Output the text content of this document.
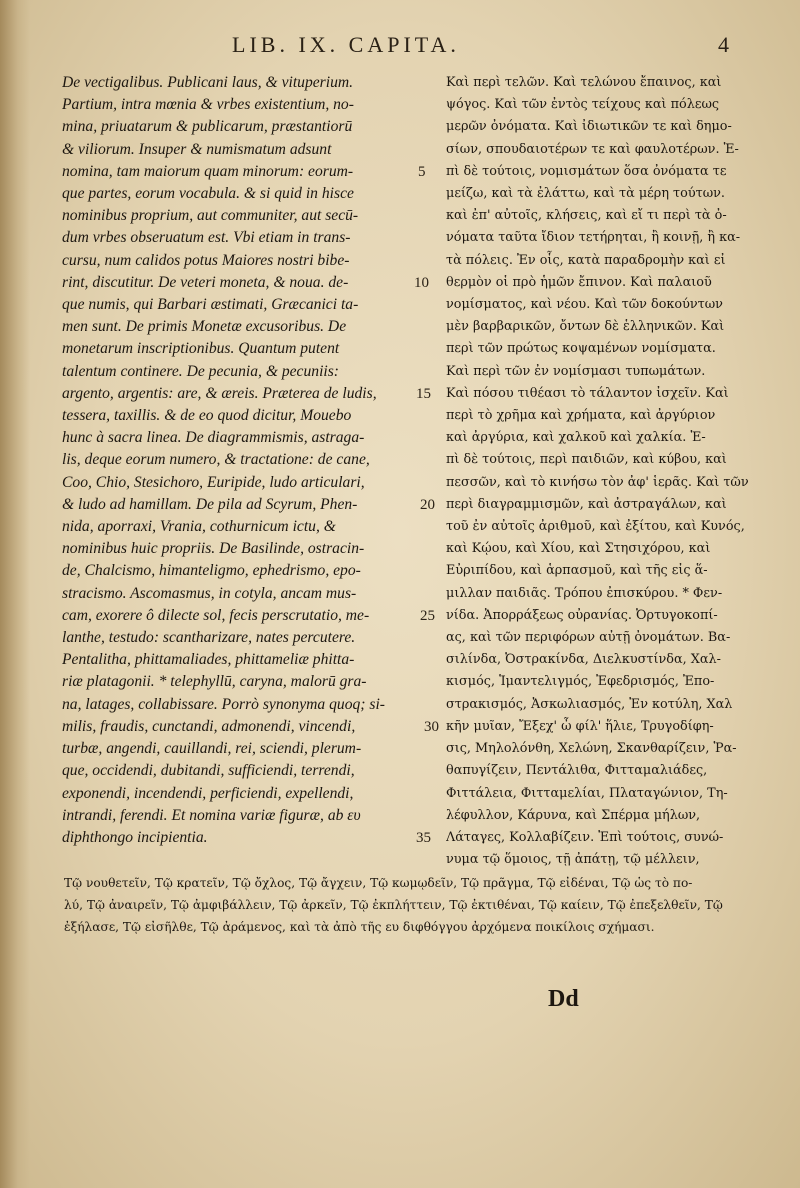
LIB. IX. CAPITA.	4
De vectigalibus. Publicani laus, & vituperium.
Partium, intra mœnia & vrbes existentium, no-
mina, priuatarum & publicarum, præstantiorū
& viliorum. Insuper & numismatum adsunt
nomina, tam maiorum quam minorum: eorum-
que partes, eorum vocabula. & si quid in hisce
nominibus proprium, aut communiter, aut secū-
dum vrbes obseruatum est. Vbi etiam in trans-
cursu, num calidos potus Maiores nostri bibe-
rint, discutitur. De veteri moneta, & noua. de-
que numis, qui Barbari æstimati, Græcanici ta-
men sunt. De primis Monetæ excusoribus. De
monetarum inscriptionibus. Quantum putent
talentum continere. De pecunia, & pecuniis:
argento, argentis: are, & æreis. Præterea de ludis,
tessera, taxillis. & de eo quod dicitur, Mouebo
hunc à sacra linea. De diagrammismis, astraga-
lis, deque eorum numero, & tractatione: de cane,
Coo, Chio, Stesichoro, Euripide, ludo articulari,
& ludo ad hamillam. De pila ad Scyrum, Phen-
nida, aporraxi, Vrania, cothurnicum ictu, &
nominibus huic propriis. De Basilinde, ostracin-
de, Chalcismo, himanteligmo, ephedrismo, epo-
stracismo. Ascomasmus, in cotyla, ancam mus-
cam, exorere ô dilecte sol, fecis perscrutatio, me-
lanthe, testudo: scantharizare, nates percutere.
Pentalitha, phittamaliades, phittameliæ phitta-
riæ platagonii. * telephyllū, caryna, malorū gra-
na, latages, collabissare. Porrò synonyma quoq; si-
milis, fraudis, cunctandi, admonendi, vincendi,
turbæ, angendi, cauillandi, rei, sciendi, plerum-
que, occidendi, dubitandi, sufficiendi, terrendi,
exponendi, incendendi, perficiendi, expellendi,
intrandi, ferendi. Et nomina variæ figuræ, ab ευ
diphthongo incipientia.
Καὶ περὶ τελῶν. Καὶ τελώνου ἔπαινος, καὶ
ψόγος. Καὶ τῶν ἐντὸς τείχους καὶ πόλεως
μερῶν ὀνόματα. Καὶ ἰδιωτικῶν τε καὶ δημο-
σίων, σπουδαιοτέρων τε καὶ φαυλοτέρων. Ἐ-
πὶ δὲ τούτοις, νομισμάτων ὅσα ὀνόματα τε
μείζω, καὶ τὰ ἐλάττω, καὶ τὰ μέρη τούτων.
καὶ ἐπ' αὐτοῖς, κλήσεις, καὶ εἴ τι περὶ τὰ ὀ-
νόματα ταῦτα ἴδιον τετήρηται, ἢ κοινῇ, ἢ κα-
τὰ πόλεις. Ἐν οἷς, κατὰ παραδρομὴν καὶ εἰ
θερμὸν οἱ πρὸ ἡμῶν ἔπινον. Καὶ παλαιοῦ
νομίσματος, καὶ νέου. Καὶ τῶν δοκούντων
μὲν βαρβαρικῶν, ὄντων δὲ ἑλληνικῶν. Καὶ
περὶ τῶν πρώτως κοψαμένων νομίσματα.
Καὶ περὶ τῶν ἐν νομίσμασι τυπωμάτων.
Καὶ πόσου τιθέασι τὸ τάλαντον ἰσχεῖν. Καὶ
περὶ τὸ χρῆμα καὶ χρήματα, καὶ ἀργύριον
καὶ ἀργύρια, καὶ χαλκοῦ καὶ χαλκία. Ἐ-
πὶ δὲ τούτοις, περὶ παιδιῶν, καὶ κύβου, καὶ
πεσσῶν, καὶ τὸ κινήσω τὸν ἀφ' ἱερᾶς. Καὶ τῶν
περὶ διαγραμμισμῶν, καὶ ἀστραγάλων, καὶ
τοῦ ἐν αὐτοῖς ἀριθμοῦ, καὶ ἐξίτου, καὶ Κυνός,
καὶ Κῴου, καὶ Χίου, καὶ Στησιχόρου, καὶ
Εὐριπίδου, καὶ ἁρπασμοῦ, καὶ τῆς εἰς ἅ-
μιλλαν παιδιᾶς. Τρόπου ἐπισκύρου. * Φεν-
νίδα. Ἀπορράξεως οὐρανίας. Ὀρτυγοκοπί-
ας, καὶ τῶν περιφόρων αὐτῇ ὀνομάτων. Βα-
σιλίνδα, Ὀστρακίνδα, Διελκυστίνδα, Χαλ-
κισμός, Ἱμαντελιγμός, Ἐφεδρισμός, Ἐπο-
στρακισμός, Ἀσκωλιασμός, Ἐν κοτύλη, Χαλ
κῆν μυῖαν, Ἔξεχ' ὦ φίλ' ἥλιε, Τρυγοδίφη-
σις, Μηλολόνθη, Χελώνη, Σκανθαρίζειν, Ῥα-
θαπυγίζειν, Πεντάλιθα, Φιτταμαλιάδες,
Φιττάλεια, Φιτταμελίαι, Πλαταγώνιον, Τη-
λέφυλλον, Κάρυνα, καὶ Σπέρμα μήλων,
Λάταγες, Κολλαβίζειν. Ἐπὶ τούτοις, συνώ-
νυμα τῷ ὅμοιος, τῇ ἀπάτῃ, τῷ μέλλειν,
5
10
15
20
25
30
35
Τῷ νουθετεῖν, Τῷ κρατεῖν, Τῷ ὄχλος, Τῷ ἄγχειν, Τῷ κωμῳδεῖν, Τῷ πρᾶγμα, Τῷ εἰδέναι, Τῷ ὡς τὸ πο-
λύ, Τῷ ἀναιρεῖν, Τῷ ἀμφιβάλλειν, Τῷ ἀρκεῖν, Τῷ ἐκπλήττειν, Τῷ ἐκτιθέναι, Τῷ καίειν, Τῷ ἐπεξελθεῖν, Τῷ
ἐξήλασε, Τῷ εἰσῆλθε, Τῷ ἀράμενος, καὶ τὰ ἀπὸ τῆς ευ διφθόγγου ἀρχόμενα ποικίλοις σχήμασι.
Dd
